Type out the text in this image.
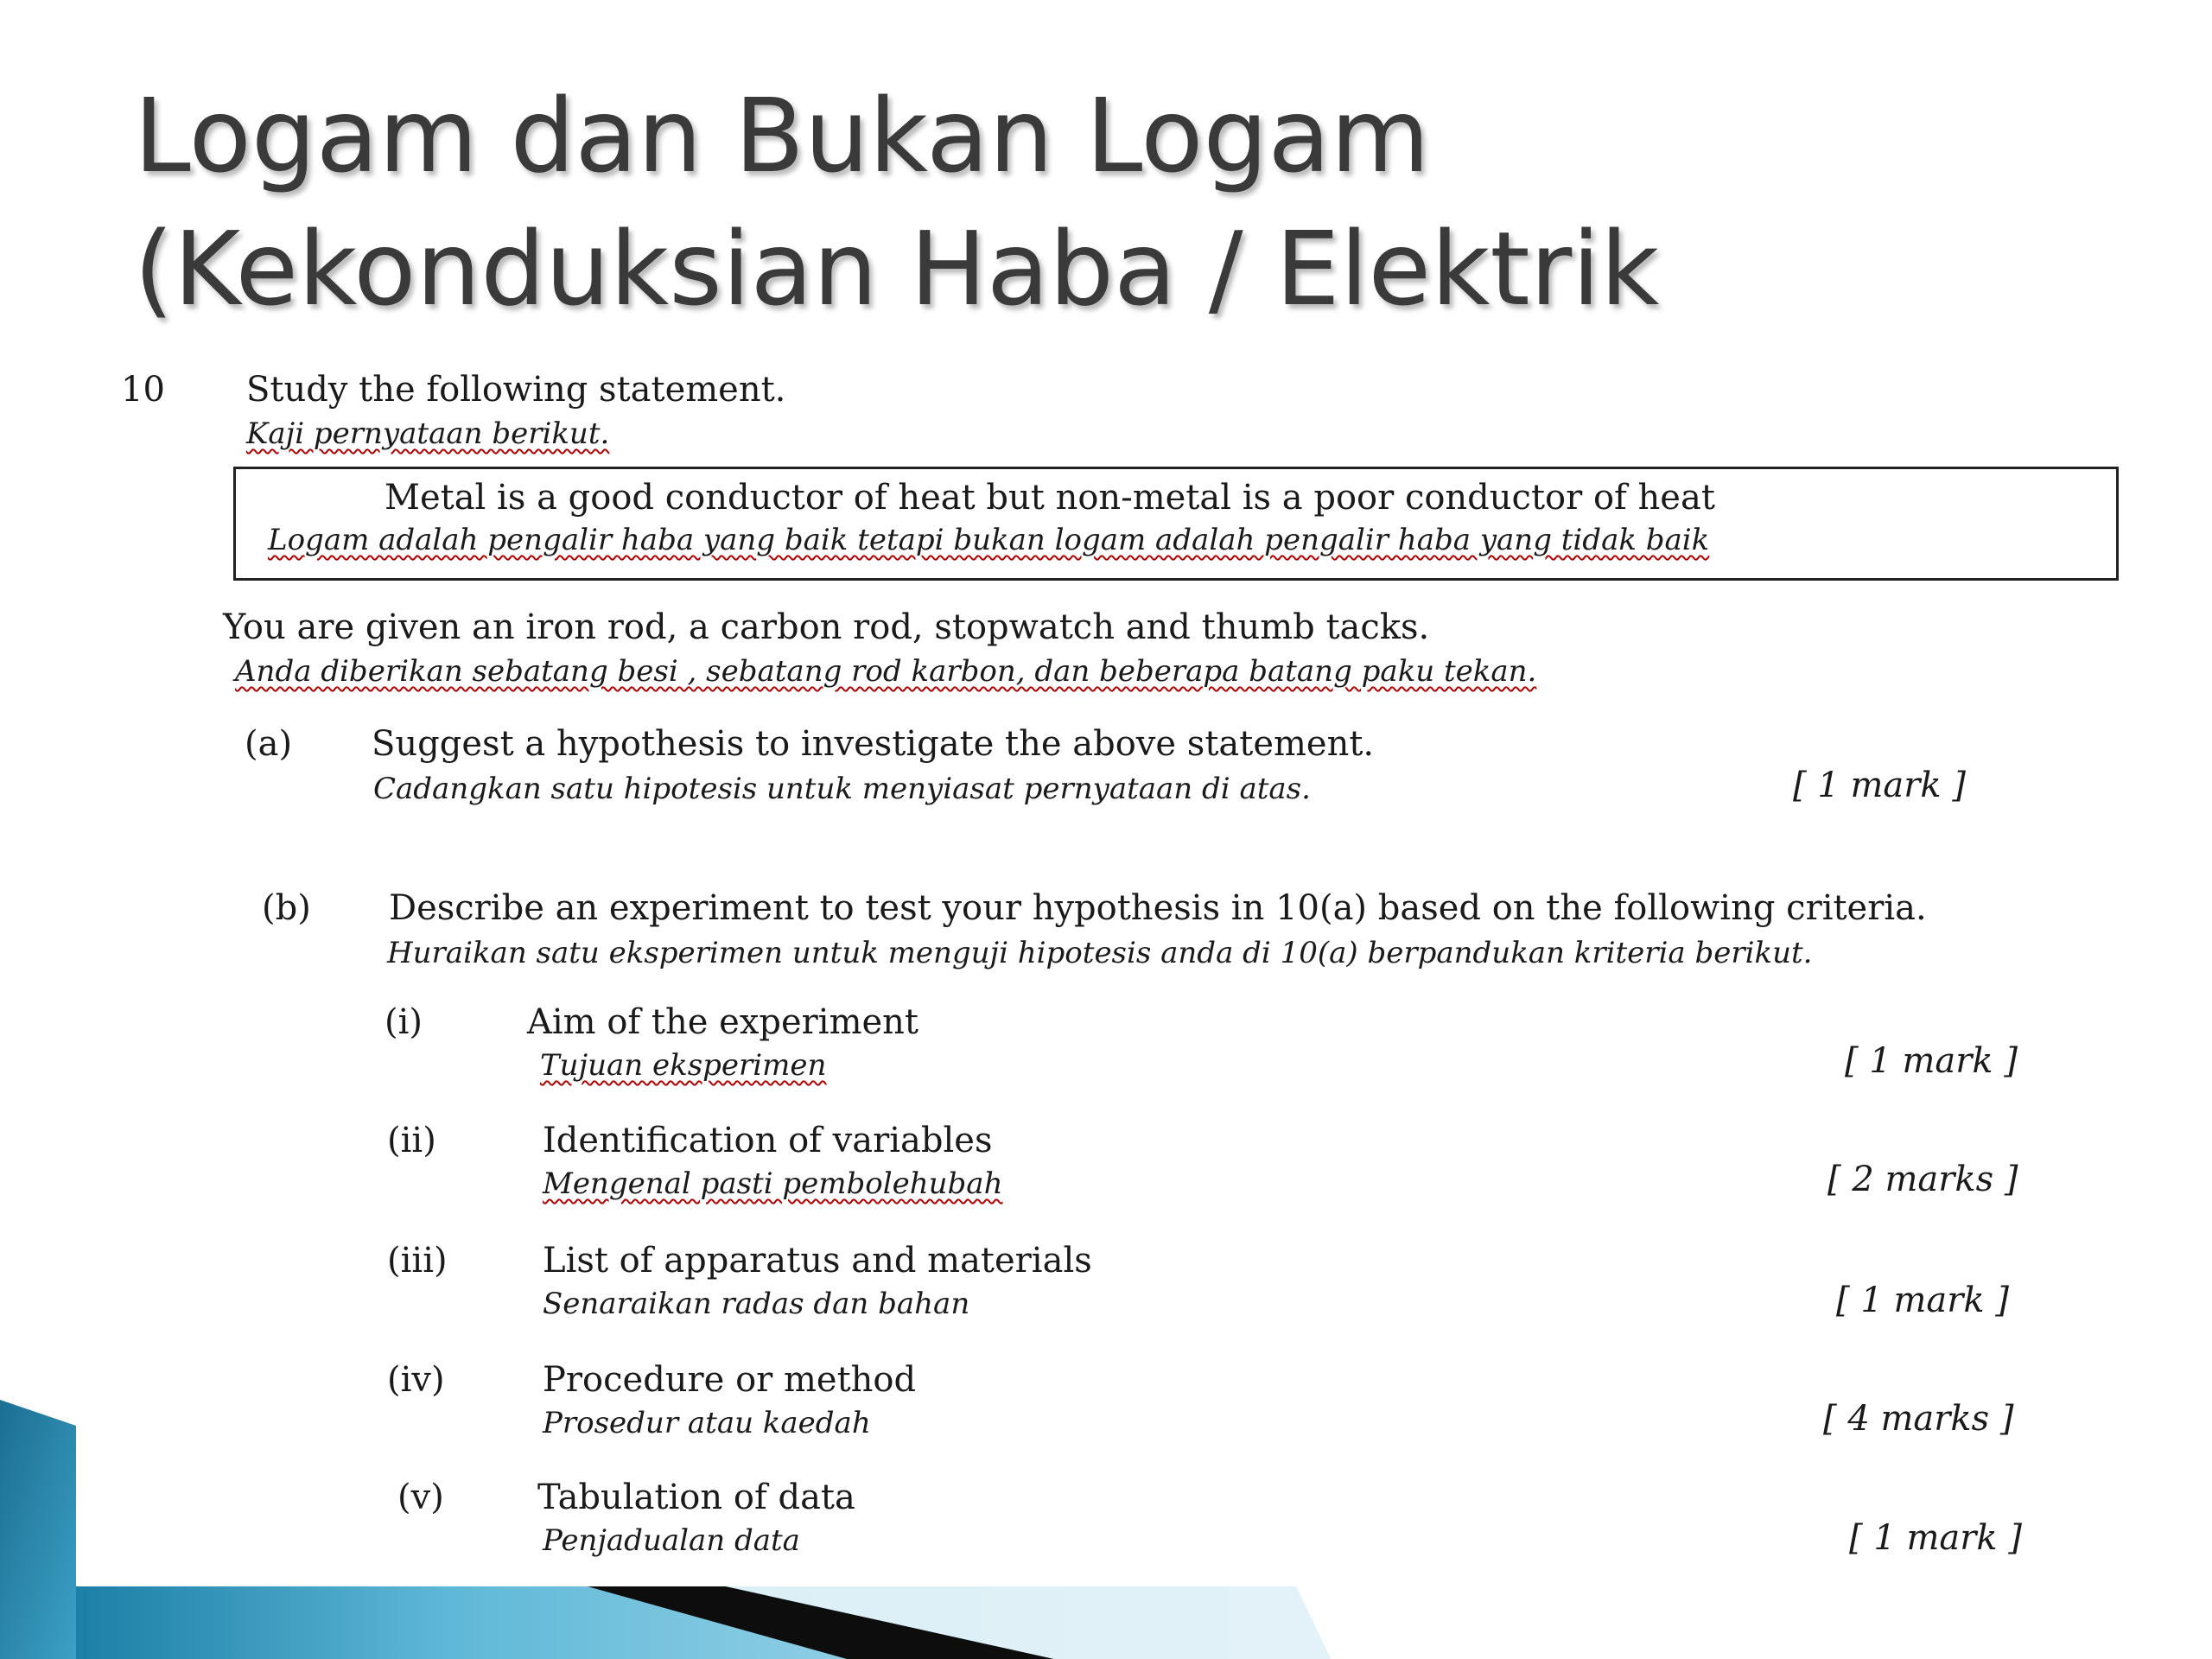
Logam dan Bukan Logam
(Kekonduksian Haba / Elektrik
10 Study the following statement.
Kaji pernyataan berikut.
Metal is a good conductor of heat but non-metal is a poor conductor of heat
Logam adalah pengalir haba yang baik tetapi bukan logam adalah pengalir haba yang tidak baik
You are given an iron rod, a carbon rod, stopwatch and thumb tacks.
Anda diberikan sebatang besi , sebatang rod karbon, dan beberapa batang paku tekan.
(a) Suggest a hypothesis to investigate the above statement.
Cadangkan satu hipotesis untuk menyiasat pernyataan di atas.	[ 1 mark ]
(b) Describe an experiment to test your hypothesis in 10(a) based on the following criteria.
Huraikan satu eksperimen untuk menguji hipotesis anda di 10(a) berpandukan kriteria berikut.
(i)	Aim of the experiment
Tujuan eksperimen	[ 1 mark ]
(ii)	Identification of variables
Mengenal pasti pembolehubah	[ 2 marks ]
(iii)	List of apparatus and materials
Senaraikan radas dan bahan	[ 1 mark ]
(iv)	Procedure or method
Prosedur atau kaedah	[ 4 marks ]
(v)	Tabulation of data
Penjadualan data	[ 1 mark ]
